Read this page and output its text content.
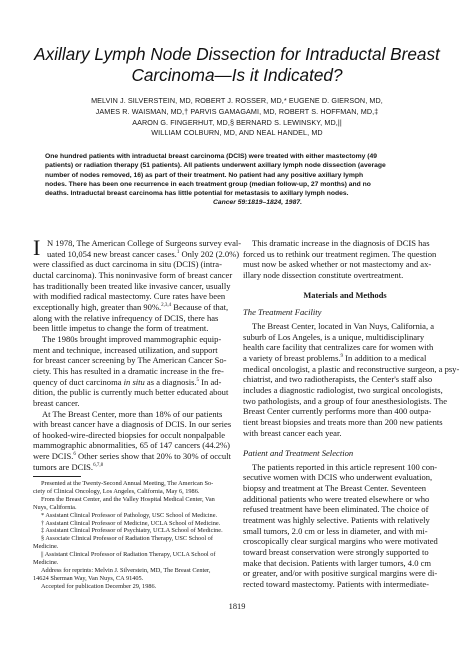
Axillary Lymph Node Dissection for Intraductal Breast
Carcinoma—Is it Indicated?
MELVIN J. SILVERSTEIN, MD, ROBERT J. ROSSER, MD,* EUGENE D. GIERSON, MD,
JAMES R. WAISMAN, MD,† PARVIS GAMAGAMI, MD, ROBERT S. HOFFMAN, MD,‡
AARON G. FINGERHUT, MD,§ BERNARD S. LEWINSKY, MD,||
WILLIAM COLBURN, MD, AND NEAL HANDEL, MD
One hundred patients with intraductal breast carcinoma (DCIS) were treated with either mastectomy (49
patients) or radiation therapy (51 patients). All patients underwent axillary lymph node dissection (average
number of nodes removed, 16) as part of their treatment. No patient had any positive axillary lymph
nodes. There has been one recurrence in each treatment group (median follow-up, 27 months) and no
deaths. Intraductal breast carcinoma has little potential for metastasis to axillary lymph nodes.
Cancer 59:1819–1824, 1987.
I N 1978, The American College of Surgeons survey eval-
uated 10,054 new breast cancer cases.$^1$ Only 202 (2.0%)
were classified as duct carcinoma in situ (DCIS) (intra-
ductal carcinoma). This noninvasive form of breast cancer
has traditionally been treated like invasive cancer, usually
with modified radical mastectomy. Cure rates have been
exceptionally high, greater than 90%.$^{2,3,4}$ Because of that,
along with the relative infrequency of DCIS, there has
been little impetus to change the form of treatment.
The 1980s brought improved mammographic equip-
ment and technique, increased utilization, and support
for breast cancer screening by The American Cancer So-
ciety. This has resulted in a dramatic increase in the fre-
quency of duct carcinoma in situ as a diagnosis.$^5$ In ad-
dition, the public is currently much better educated about
breast cancer.
At The Breast Center, more than 18% of our patients
with breast cancer have a diagnosis of DCIS. In our series
of hooked-wire-directed biopsies for occult nonpalpable
mammographic abnormalities, 65 of 147 cancers (44.2%)
were DCIS.$^6$ Other series show that 20% to 30% of occult
tumors are DCIS.$^{6,7,8}$
Presented at the Twenty-Second Annual Meeting, The American So-
ciety of Clinical Oncology, Los Angeles, California, May 6, 1986.
From the Breast Center, and the Valley Hospital Medical Center, Van
Nuys, California.
* Assistant Clinical Professor of Pathology, USC School of Medicine.
† Assistant Clinical Professor of Medicine, UCLA School of Medicine.
‡ Assistant Clinical Professor of Psychiatry, UCLA School of Medicine.
§ Associate Clinical Professor of Radiation Therapy, USC School of
Medicine.
|| Assistant Clinical Professor of Radiation Therapy, UCLA School of
Medicine.
Address for reprints: Melvin J. Silverstein, MD, The Breast Center,
14624 Sherman Way, Van Nuys, CA 91405.
Accepted for publication December 29, 1986.
This dramatic increase in the diagnosis of DCIS has
forced us to rethink our treatment regimen. The question
must now be asked whether or not mastectomy and ax-
illary node dissection constitute overtreatment.
Materials and Methods
The Treatment Facility
The Breast Center, located in Van Nuys, California, a
suburb of Los Angeles, is a unique, multidisciplinary
health care facility that centralizes care for women with
a variety of breast problems.$^9$ In addition to a medical
medical oncologist, a plastic and reconstructive surgeon, a psy-
chiatrist, and two radiotherapists, the Center's staff also
includes a diagnostic radiologist, two surgical oncologists,
two pathologists, and a group of four anesthesiologists. The
Breast Center currently performs more than 400 outpa-
tient breast biopsies and treats more than 200 new patients
with breast cancer each year.
Patient and Treatment Selection
The patients reported in this article represent 100 con-
secutive women with DCIS who underwent evaluation,
biopsy and treatment at The Breast Center. Seventeen
additional patients who were treated elsewhere or who
refused treatment have been eliminated. The choice of
treatment was highly selective. Patients with relatively
small tumors, 2.0 cm or less in diameter, and with mi-
croscopically clear surgical margins who were motivated
toward breast conservation were strongly supported to
make that decision. Patients with larger tumors, 4.0 cm
or greater, and/or with positive surgical margins were di-
rected toward mastectomy. Patients with intermediate-
1819
